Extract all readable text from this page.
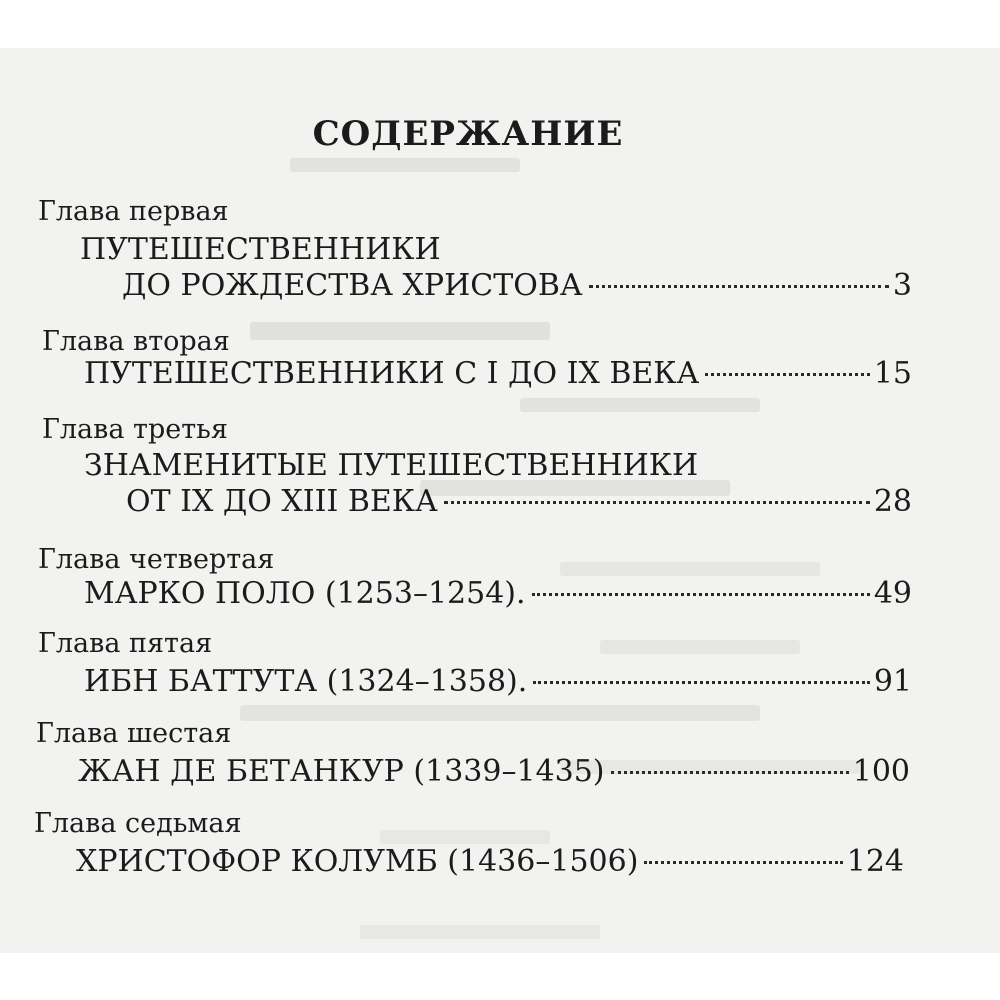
СОДЕРЖАНИЕ
Глава первая
ПУТЕШЕСТВЕННИКИ
ДО РОЖДЕСТВА ХРИСТОВА	3
Глава вторая
ПУТЕШЕСТВЕННИКИ С I ДО IX ВЕКА	15
Глава третья
ЗНАМЕНИТЫЕ ПУТЕШЕСТВЕННИКИ
ОТ IX ДО XIII ВЕКА	28
Глава четвертая
МАРКО ПОЛО (1253–1254).	49
Глава пятая
ИБН БАТТУТА (1324–1358).	91
Глава шестая
ЖАН ДЕ БЕТАНКУР (1339–1435)	100
Глава седьмая
ХРИСТОФОР КОЛУМБ (1436–1506)	124
